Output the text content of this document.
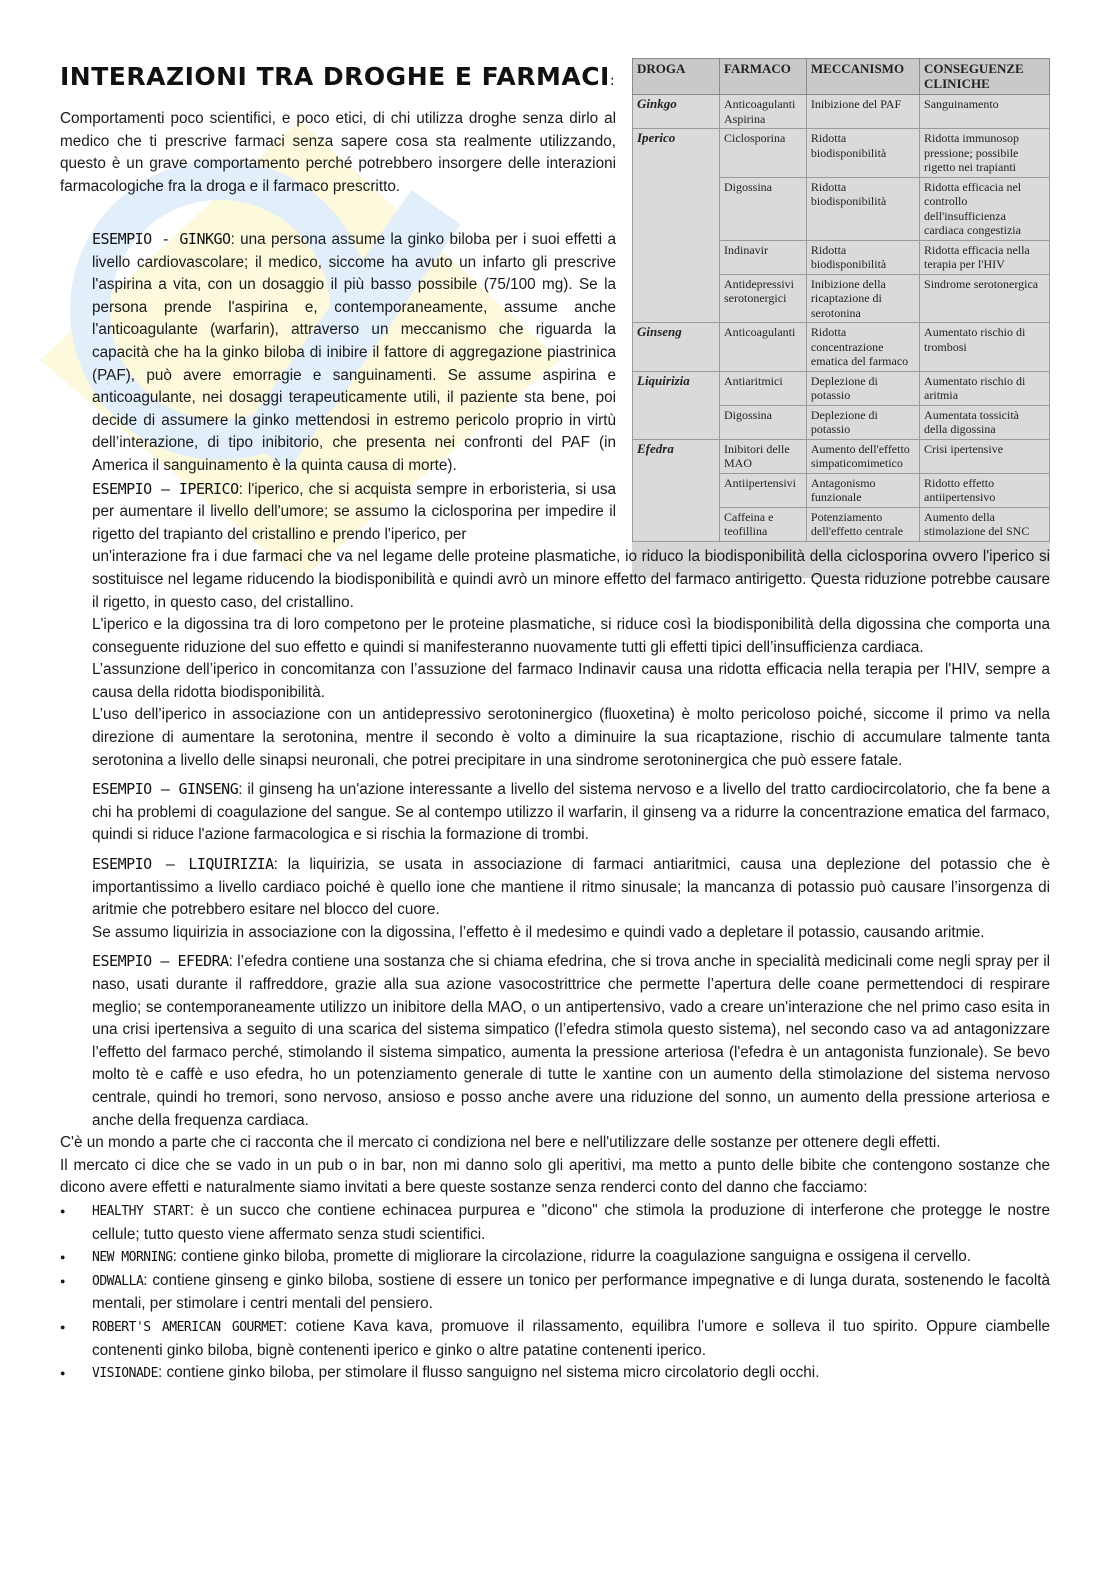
INTERAZIONI TRA DROGHE E FARMACI:

Comportamenti poco scientifici, e poco etici, di chi utilizza droghe senza dirlo al medico che ti prescrive farmaci senza sapere cosa sta realmente utilizzando, questo è un grave comportamento perché potrebbero insorgere delle interazioni farmacologiche fra la droga e il farmaco prescritto.

DROGA	FARMACO	MECCANISMO	CONSEGUENZE CLINICHE
Ginkgo	Anticoagulanti Aspirina	Inibizione del PAF	Sanguinamento
Iperico	Ciclosporina	Ridotta biodisponibilità	Ridotta immunosop pressione; possibile rigetto nei trapianti
	Digossina	Ridotta biodisponibilità	Ridotta efficacia nel controllo dell'insufficienza cardiaca congestizia
	Indinavir	Ridotta biodisponibilità	Ridotta efficacia nella terapia per l'HIV
	Antidepressivi serotonergici	Inibizione della ricaptazione di serotonina	Sindrome serotonergica
Ginseng	Anticoagulanti	Ridotta concentrazione ematica del farmaco	Aumentato rischio di trombosi
Liquirizia	Antiaritmici	Deplezione di potassio	Aumentato rischio di aritmia
	Digossina	Deplezione di potassio	Aumentata tossicità della digossina
Efedra	Inibitori delle MAO	Aumento dell'effetto simpaticomimetico	Crisi ipertensive
	Antiipertensivi	Antagonismo funzionale	Ridotto effetto antiipertensivo
	Caffeina e teofillina	Potenziamento dell'effetto centrale	Aumento della stimolazione del SNC

ESEMPIO - GINKGO: una persona assume la ginko biloba per i suoi effetti a livello cardiovascolare; il medico, siccome ha avuto un infarto gli prescrive l'aspirina a vita, con un dosaggio il più basso possibile (75/100 mg). Se la persona prende l'aspirina e, contemporaneamente, assume anche l'anticoagulante (warfarin), attraverso un meccanismo che riguarda la capacità che ha la ginko biloba di inibire il fattore di aggregazione piastrinica (PAF), può avere emorragie e sanguinamenti. Se assume aspirina e anticoagulante, nei dosaggi terapeuticamente utili, il paziente sta bene, poi decide di assumere la ginko mettendosi in estremo pericolo proprio in virtù dell’interazione, di tipo inibitorio, che presenta nei confronti del PAF (in America il sanguinamento è la quinta causa di morte).

ESEMPIO — IPERICO: l'iperico, che si acquista sempre in erboristeria, si usa per aumentare il livello dell'umore; se assumo la ciclosporina per impedire il rigetto del trapianto del cristallino e prendo l'iperico, per

un'interazione fra i due farmaci che va nel legame delle proteine plasmatiche, io riduco la biodisponibilità della ciclosporina ovvero l'iperico si sostituisce nel legame riducendo la biodisponibilità e quindi avrò un minore effetto del farmaco antirigetto. Questa riduzione potrebbe causare il rigetto, in questo caso, del cristallino.

L'iperico e la digossina tra di loro competono per le proteine plasmatiche, si riduce così la biodisponibilità della digossina che comporta una conseguente riduzione del suo effetto e quindi si manifesteranno nuovamente tutti gli effetti tipici dell’insufficienza cardiaca.

L’assunzione dell’iperico in concomitanza con l’assuzione del farmaco Indinavir causa una ridotta efficacia nella terapia per l'HIV, sempre a causa della ridotta biodisponibilità.

L’uso dell’iperico in associazione con un antidepressivo serotoninergico (fluoxetina) è molto pericoloso poiché, siccome il primo va nella direzione di aumentare la serotonina, mentre il secondo è volto a diminuire la sua ricaptazione, rischio di accumulare talmente tanta serotonina a livello delle sinapsi neuronali, che potrei precipitare in una sindrome serotoninergica che può essere fatale.

ESEMPIO — GINSENG: il ginseng ha un'azione interessante a livello del sistema nervoso e a livello del tratto cardiocircolatorio, che fa bene a chi ha problemi di coagulazione del sangue. Se al contempo utilizzo il warfarin, il ginseng va a ridurre la concentrazione ematica del farmaco, quindi si riduce l'azione farmacologica e si rischia la formazione di trombi.

ESEMPIO — LIQUIRIZIA: la liquirizia, se usata in associazione di farmaci antiaritmici, causa una deplezione del potassio che è importantissimo a livello cardiaco poiché è quello ione che mantiene il ritmo sinusale; la mancanza di potassio può causare l’insorgenza di aritmie che potrebbero esitare nel blocco del cuore.

Se assumo liquirizia in associazione con la digossina, l’effetto è il medesimo e quindi vado a depletare il potassio, causando aritmie.

ESEMPIO — EFEDRA: l’efedra contiene una sostanza che si chiama efedrina, che si trova anche in specialità medicinali come negli spray per il naso, usati durante il raffreddore, grazie alla sua azione vasocostrittrice che permette l’apertura delle coane permettendoci di respirare meglio; se contemporaneamente utilizzo un inibitore della MAO, o un antipertensivo, vado a creare un'interazione che nel primo caso esita in una crisi ipertensiva a seguito di una scarica del sistema simpatico (l’efedra stimola questo sistema), nel secondo caso va ad antagonizzare l’effetto del farmaco perché, stimolando il sistema simpatico, aumenta la pressione arteriosa (l'efedra è un antagonista funzionale). Se bevo molto tè e caffè e uso efedra, ho un potenziamento generale di tutte le xantine con un aumento della stimolazione del sistema nervoso centrale, quindi ho tremori, sono nervoso, ansioso e posso anche avere una riduzione del sonno, un aumento della pressione arteriosa e anche della frequenza cardiaca.

C'è un mondo a parte che ci racconta che il mercato ci condiziona nel bere e nell'utilizzare delle sostanze per ottenere degli effetti.

Il mercato ci dice che se vado in un pub o in bar, non mi danno solo gli aperitivi, ma metto a punto delle bibite che contengono sostanze che dicono avere effetti e naturalmente siamo invitati a bere queste sostanze senza renderci conto del danno che facciamo:

● HEALTHY START: è un succo che contiene echinacea purpurea e "dicono" che stimola la produzione di interferone che protegge le nostre cellule; tutto questo viene affermato senza studi scientifici.
● NEW MORNING: contiene ginko biloba, promette di migliorare la circolazione, ridurre la coagulazione sanguigna e ossigena il cervello.
● ODWALLA: contiene ginseng e ginko biloba, sostiene di essere un tonico per performance impegnative e di lunga durata, sostenendo le facoltà mentali, per stimolare i centri mentali del pensiero.
● ROBERT'S AMERICAN GOURMET: cotiene Kava kava, promuove il rilassamento, equilibra l'umore e solleva il tuo spirito. Oppure ciambelle contenenti ginko biloba, bignè contenenti iperico e ginko o altre patatine contenenti iperico.
● VISIONADE: contiene ginko biloba, per stimolare il flusso sanguigno nel sistema micro circolatorio degli occhi.
